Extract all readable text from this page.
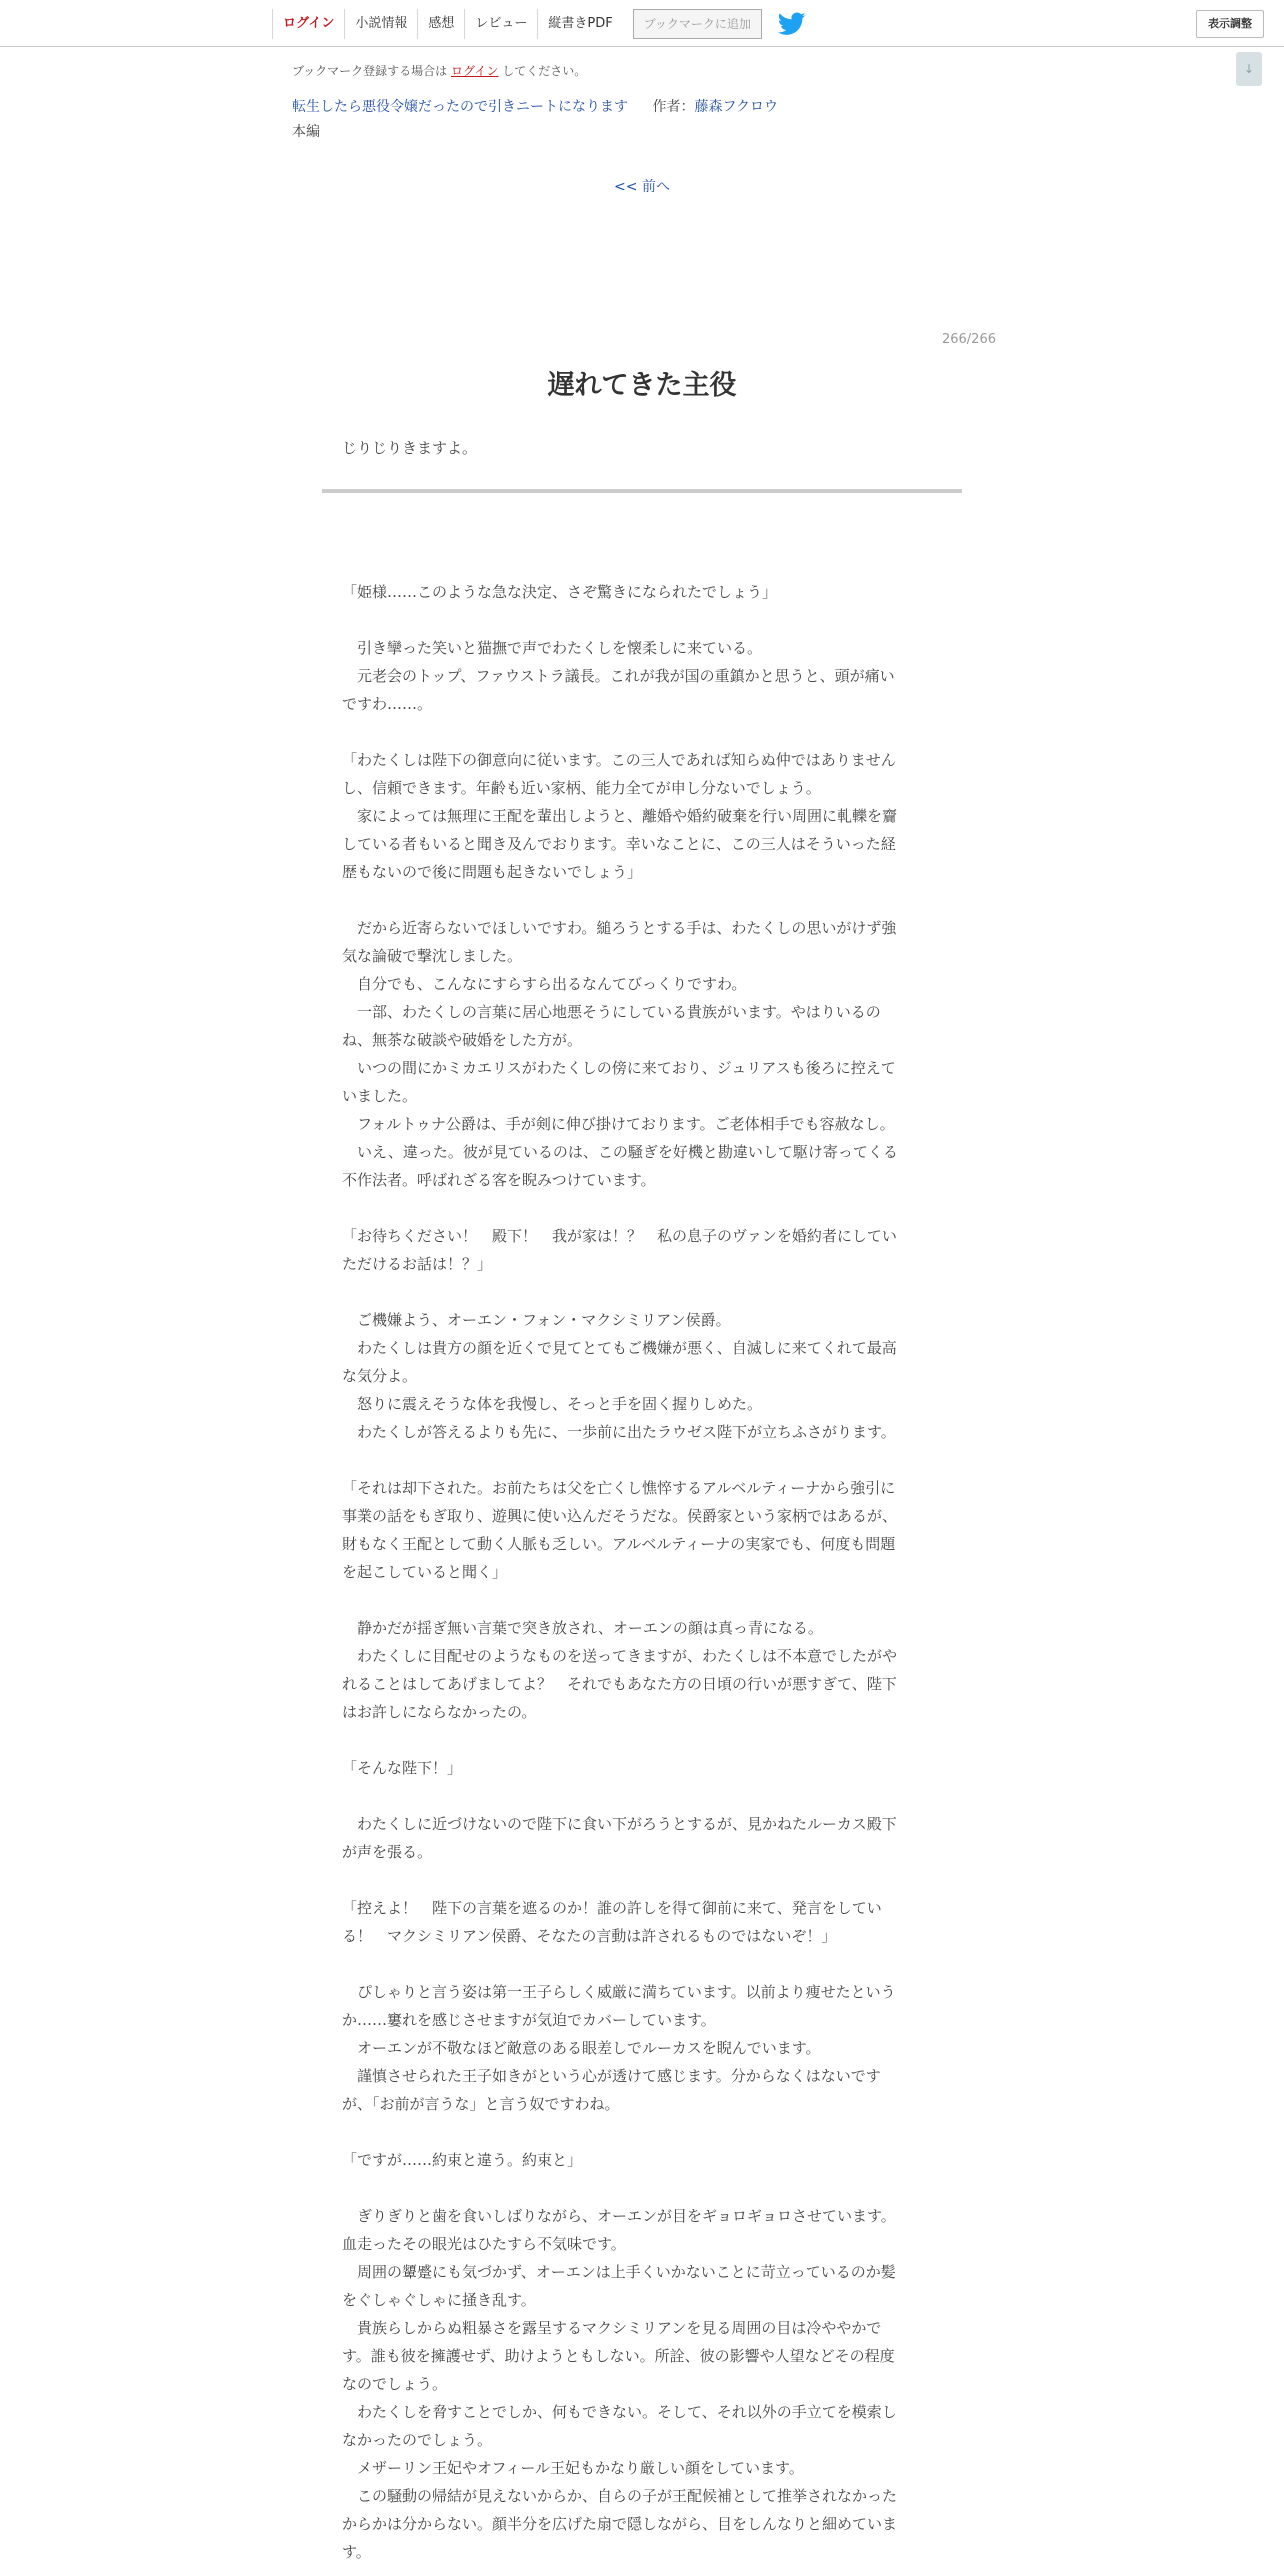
ログイン	小説情報	感想	レビュー	縦書きPDF	ブックマークに追加	表示調整
↓
ブックマーク登録する場合は ログイン してください。
転生したら悪役令嬢だったので引きニートになります 作者：藤森フクロウ
本編
<< 前へ
266/266
遅れてきた主役
じりじりきますよ。

「姫様……このような急な決定、さぞ驚きになられたでしょう」

　引き攣った笑いと猫撫で声でわたくしを懐柔しに来ている。

　元老会のトップ、ファウストラ議長。これが我が国の重鎮かと思うと、頭が痛い

ですわ……。

「わたくしは陛下の御意向に従います。この三人であれば知らぬ仲ではありません

し、信頼できます。年齢も近い家柄、能力全てが申し分ないでしょう。

　家によっては無理に王配を輩出しようと、離婚や婚約破棄を行い周囲に軋轢を齎

している者もいると聞き及んでおります。幸いなことに、この三人はそういった経

歴もないので後に問題も起きないでしょう」

　だから近寄らないでほしいですわ。縋ろうとする手は、わたくしの思いがけず強

気な論破で撃沈しました。

　自分でも、こんなにすらすら出るなんてびっくりですわ。

　一部、わたくしの言葉に居心地悪そうにしている貴族がいます。やはりいるの

ね、無茶な破談や破婚をした方が。

　いつの間にかミカエリスがわたくしの傍に来ており、ジュリアスも後ろに控えて

いました。

　フォルトゥナ公爵は、手が剣に伸び掛けております。ご老体相手でも容赦なし。

　いえ、違った。彼が見ているのは、この騒ぎを好機と勘違いして駆け寄ってくる

不作法者。呼ばれざる客を睨みつけています。

「お待ちください！　殿下！　我が家は！？　私の息子のヴァンを婚約者にしてい

ただけるお話は！？」

　ご機嫌よう、オーエン・フォン・マクシミリアン侯爵。

　わたくしは貴方の顔を近くで見てとてもご機嫌が悪く、自滅しに来てくれて最高

な気分よ。

　怒りに震えそうな体を我慢し、そっと手を固く握りしめた。

　わたくしが答えるよりも先に、一歩前に出たラウゼス陛下が立ちふさがります。

「それは却下された。お前たちは父を亡くし憔悴するアルベルティーナから強引に

事業の話をもぎ取り、遊興に使い込んだそうだな。侯爵家という家柄ではあるが、

財もなく王配として動く人脈も乏しい。アルベルティーナの実家でも、何度も問題

を起こしていると聞く」

　静かだが揺ぎ無い言葉で突き放され、オーエンの顔は真っ青になる。

　わたくしに目配せのようなものを送ってきますが、わたくしは不本意でしたがや

れることはしてあげましてよ？　それでもあなた方の日頃の行いが悪すぎて、陛下

はお許しにならなかったの。

「そんな陛下！」

　わたくしに近づけないので陛下に食い下がろうとするが、見かねたルーカス殿下

が声を張る。

「控えよ！　陛下の言葉を遮るのか！誰の許しを得て御前に来て、発言をしてい

る！　マクシミリアン侯爵、そなたの言動は許されるものではないぞ！」

　ぴしゃりと言う姿は第一王子らしく威厳に満ちています。以前より痩せたという

か……窶れを感じさせますが気迫でカバーしています。

　オーエンが不敬なほど敵意のある眼差しでルーカスを睨んでいます。

　謹慎させられた王子如きがという心が透けて感じます。分からなくはないです

が、「お前が言うな」と言う奴ですわね。

「ですが……約束と違う。約束と」

　ぎりぎりと歯を食いしばりながら、オーエンが目をギョロギョロさせています。

血走ったその眼光はひたすら不気味です。

　周囲の顰蹙にも気づかず、オーエンは上手くいかないことに苛立っているのか髪

をぐしゃぐしゃに掻き乱す。

　貴族らしからぬ粗暴さを露呈するマクシミリアンを見る周囲の目は冷ややかで

す。誰も彼を擁護せず、助けようともしない。所詮、彼の影響や人望などその程度

なのでしょう。

　わたくしを脅すことでしか、何もできない。そして、それ以外の手立てを模索し

なかったのでしょう。

　メザーリン王妃やオフィール王妃もかなり厳しい顔をしています。

　この騒動の帰結が見えないからか、自らの子が王配候補として推挙されなかった

からかは分からない。顔半分を広げた扇で隠しながら、目をしんなりと細めていま

す。
